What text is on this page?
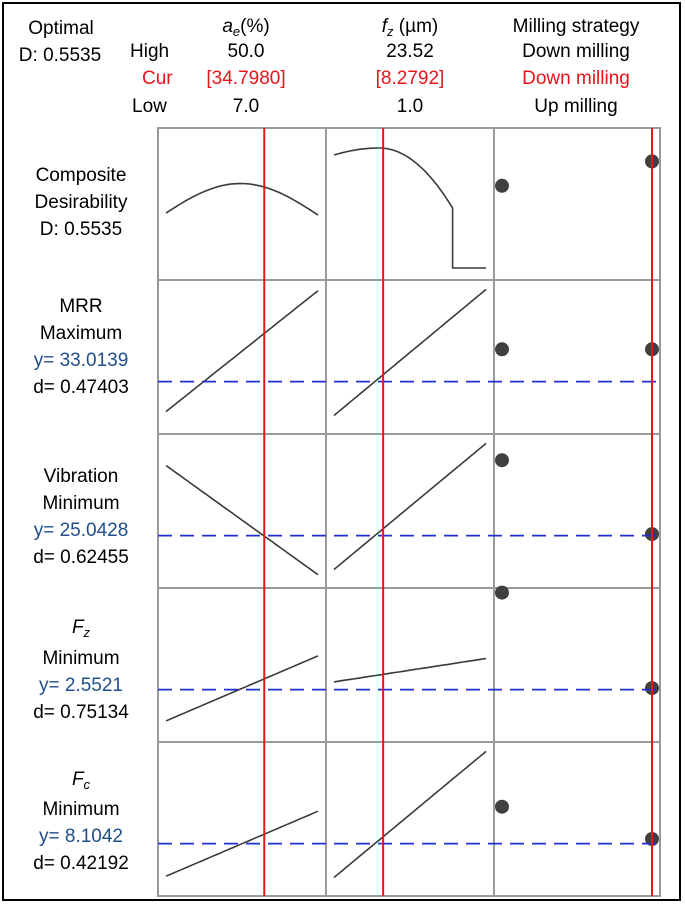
Optimal
D: 0.5535	High
Cur
Low
$a_e(\%)$
50.0
[34.7980]
7.0
$f_z$ (µm)
23.52
[8.2792]
1.0
Milling strategy
Down milling
Down milling
Up milling
Composite
Desirability
D: 0.5535
MRR
Maximum
y= 33.0139
d= 0.47403
Vibration
Minimum
y= 25.0428
d= 0.62455
$F_z$
Minimum
y= 2.5521
d= 0.75134
$F_c$
Minimum
y= 8.1042
d= 0.42192
